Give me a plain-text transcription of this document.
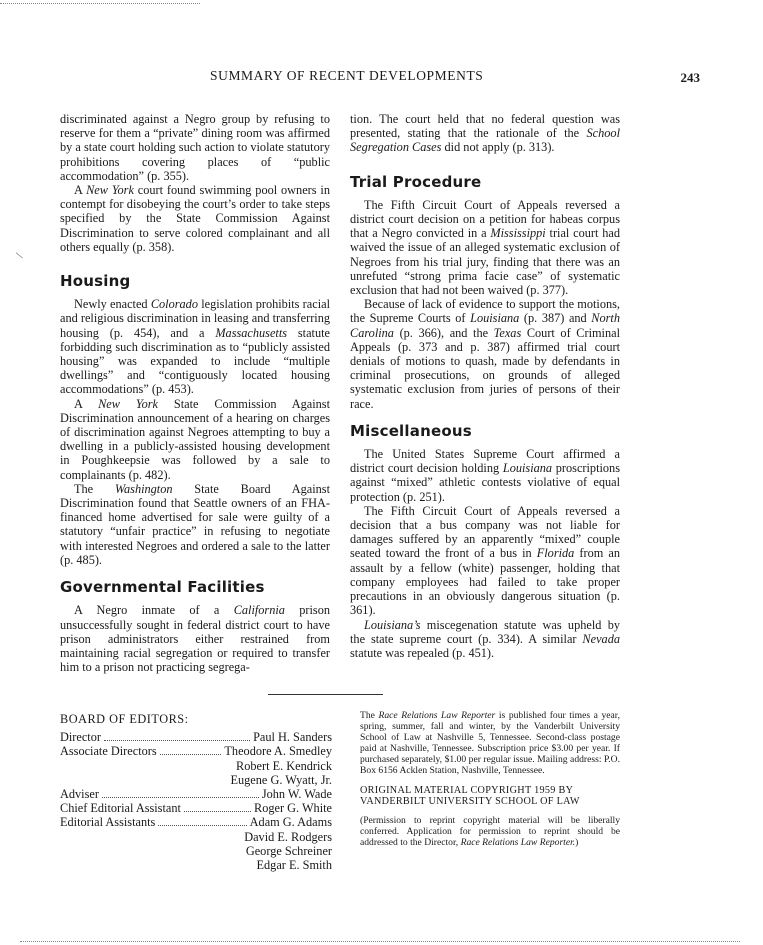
/
SUMMARY OF RECENT DEVELOPMENTS	243

discriminated against a Negro group by refusing to reserve for them a “private” dining room was affirmed by a state court holding such action to violate statutory prohibitions covering places of “public accommodation” (p. 355).

A New York court found swimming pool owners in contempt for disobeying the court’s order to take steps specified by the State Commission Against Discrimination to serve colored complainant and all others equally (p. 358).

Housing

Newly enacted Colorado legislation prohibits racial and religious discrimination in leasing and transferring housing (p. 454), and a Massachusetts statute forbidding such discrimination as to “publicly assisted housing” was expanded to include “multiple dwellings” and “contiguously located housing accommodations” (p. 453).

A New York State Commission Against Discrimination announcement of a hearing on charges of discrimination against Negroes attempting to buy a dwelling in a publicly-assisted housing development in Poughkeepsie was followed by a sale to complainants (p. 482).

The Washington State Board Against Discrimination found that Seattle owners of an FHA-financed home advertised for sale were guilty of a statutory “unfair practice” in refusing to negotiate with interested Negroes and ordered a sale to the latter (p. 485).

Governmental Facilities

A Negro inmate of a California prison unsuccessfully sought in federal district court to have prison administrators either restrained from maintaining racial segregation or required to transfer him to a prison not practicing segrega-

tion. The court held that no federal question was presented, stating that the rationale of the School Segregation Cases did not apply (p. 313).

Trial Procedure

The Fifth Circuit Court of Appeals reversed a district court decision on a petition for habeas corpus that a Negro convicted in a Mississippi trial court had waived the issue of an alleged systematic exclusion of Negroes from his trial jury, finding that there was an unrefuted “strong prima facie case” of systematic exclusion that had not been waived (p. 377).

Because of lack of evidence to support the motions, the Supreme Courts of Louisiana (p. 387) and North Carolina (p. 366), and the Texas Court of Criminal Appeals (p. 373 and p. 387) affirmed trial court denials of motions to quash, made by defendants in criminal prosecutions, on grounds of alleged systematic exclusion from juries of persons of their race.

Miscellaneous

The United States Supreme Court affirmed a district court decision holding Louisiana proscriptions against “mixed” athletic contests violative of equal protection (p. 251).

The Fifth Circuit Court of Appeals reversed a decision that a bus company was not liable for damages suffered by an apparently “mixed” couple seated toward the front of a bus in Florida from an assault by a fellow (white) passenger, holding that company employees had failed to take proper precautions in an obviously dangerous situation (p. 361).

Louisiana’s miscegenation statute was upheld by the state supreme court (p. 334). A similar Nevada statute was repealed (p. 451).

BOARD OF EDITORS:
Director	Paul H. Sanders
Associate Directors	Theodore A. Smedley
Robert E. Kendrick
Eugene G. Wyatt, Jr.
Adviser	John W. Wade
Chief Editorial Assistant	Roger G. White
Editorial Assistants	Adam G. Adams
David E. Rodgers
George Schreiner
Edgar E. Smith

The Race Relations Law Reporter is published four times a year, spring, summer, fall and winter, by the Vanderbilt University School of Law at Nashville 5, Tennessee. Second-class postage paid at Nashville, Tennessee. Subscription price $3.00 per year. If purchased separately, $1.00 per regular issue. Mailing address: P.O. Box 6156 Acklen Station, Nashville, Tennessee.

ORIGINAL MATERIAL COPYRIGHT 1959 BY VANDERBILT UNIVERSITY SCHOOL OF LAW

(Permission to reprint copyright material will be liberally conferred. Application for permission to reprint should be addressed to the Director, Race Relations Law Reporter.)
